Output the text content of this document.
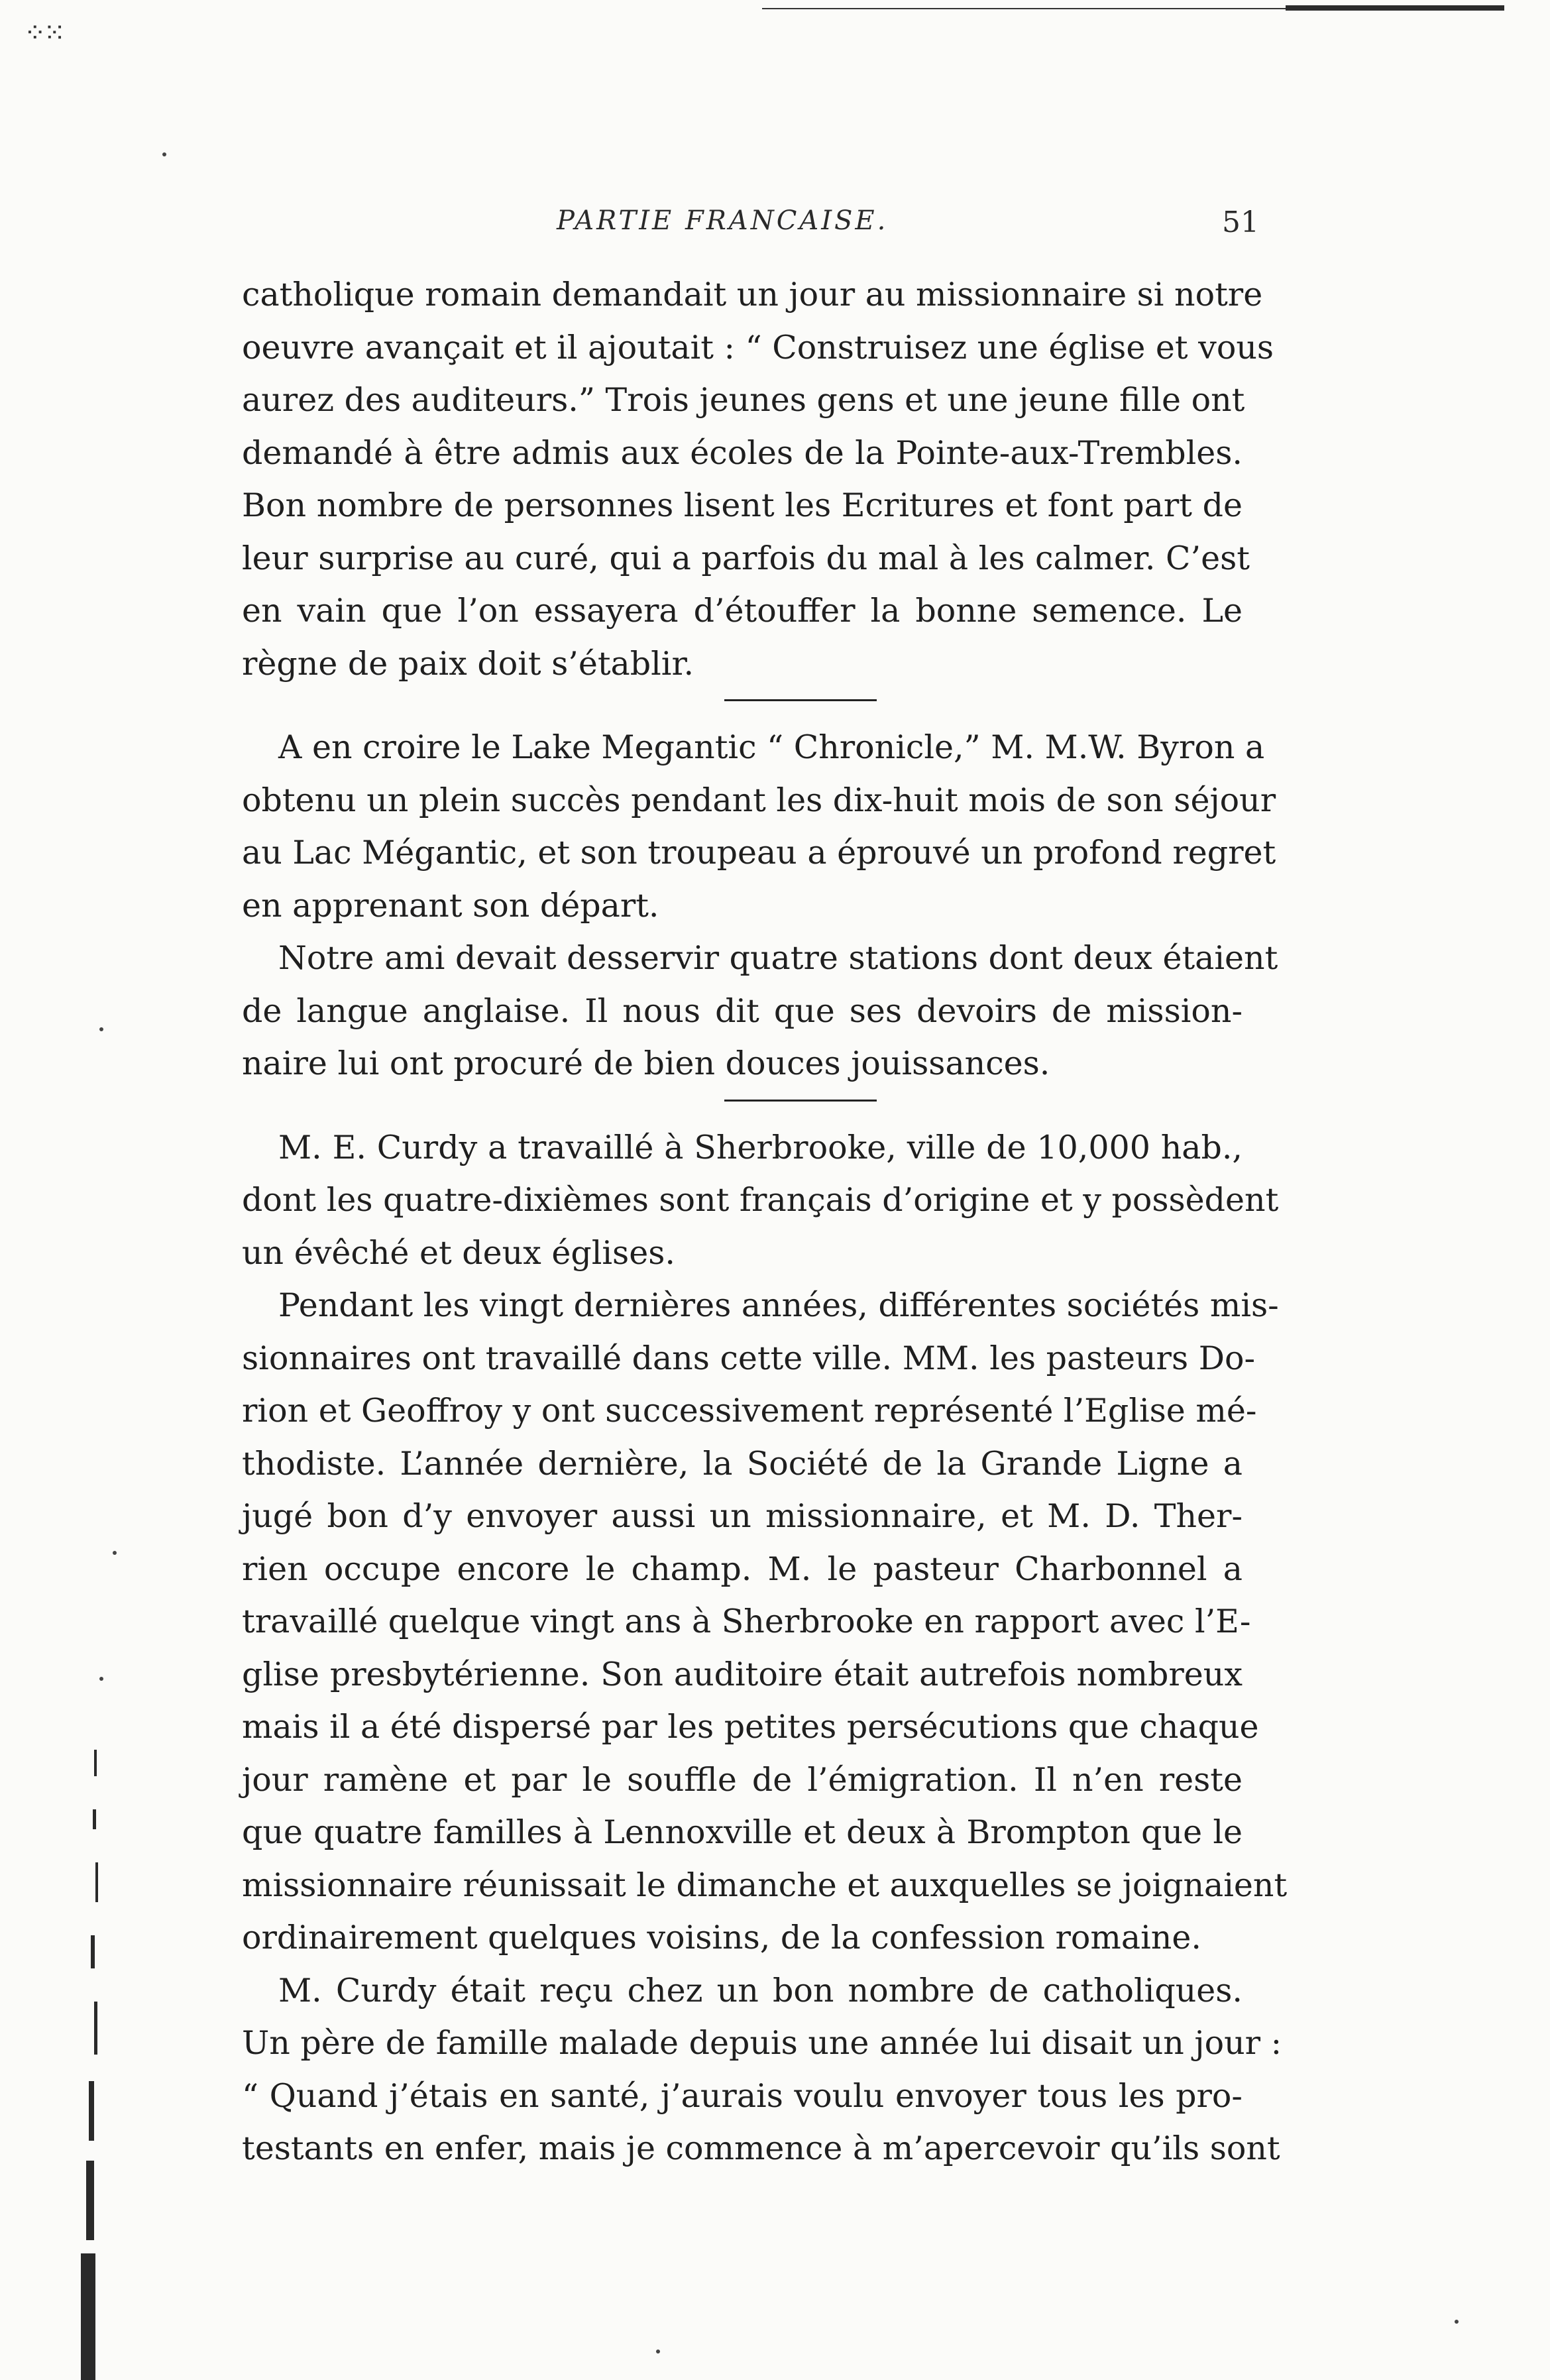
⁘⁙
PARTIE FRANCAISE.	51

catholique romain demandait un jour au missionnaire si notre
oeuvre avançait et il ajoutait : “ Construisez une église et vous
aurez des auditeurs.” Trois jeunes gens et une jeune fille ont
demandé à être admis aux écoles de la Pointe-aux-Trembles.
Bon nombre de personnes lisent les Ecritures et font part de
leur surprise au curé, qui a parfois du mal à les calmer. C’est
en vain que l’on essayera d’étouffer la bonne semence. Le
règne de paix doit s’établir.

A en croire le Lake Megantic “ Chronicle,” M. M.W. Byron a
obtenu un plein succès pendant les dix-huit mois de son séjour
au Lac Mégantic, et son troupeau a éprouvé un profond regret
en apprenant son départ.

Notre ami devait desservir quatre stations dont deux étaient
de langue anglaise. Il nous dit que ses devoirs de mission-
naire lui ont procuré de bien douces jouissances.

M. E. Curdy a travaillé à Sherbrooke, ville de 10,000 hab.,
dont les quatre-dixièmes sont français d’origine et y possèdent
un évêché et deux églises.

Pendant les vingt dernières années, différentes sociétés mis-
sionnaires ont travaillé dans cette ville. MM. les pasteurs Do-
rion et Geoffroy y ont successivement représenté l’Eglise mé-
thodiste. L’année dernière, la Société de la Grande Ligne a
jugé bon d’y envoyer aussi un missionnaire, et M. D. Ther-
rien occupe encore le champ. M. le pasteur Charbonnel a
travaillé quelque vingt ans à Sherbrooke en rapport avec l’E-
glise presbytérienne. Son auditoire était autrefois nombreux
mais il a été dispersé par les petites persécutions que chaque
jour ramène et par le souffle de l’émigration. Il n’en reste
que quatre familles à Lennoxville et deux à Brompton que le
missionnaire réunissait le dimanche et auxquelles se joignaient
ordinairement quelques voisins, de la confession romaine.

M. Curdy était reçu chez un bon nombre de catholiques.
Un père de famille malade depuis une année lui disait un jour :
“ Quand j’étais en santé, j’aurais voulu envoyer tous les pro-
testants en enfer, mais je commence à m’apercevoir qu’ils sont
